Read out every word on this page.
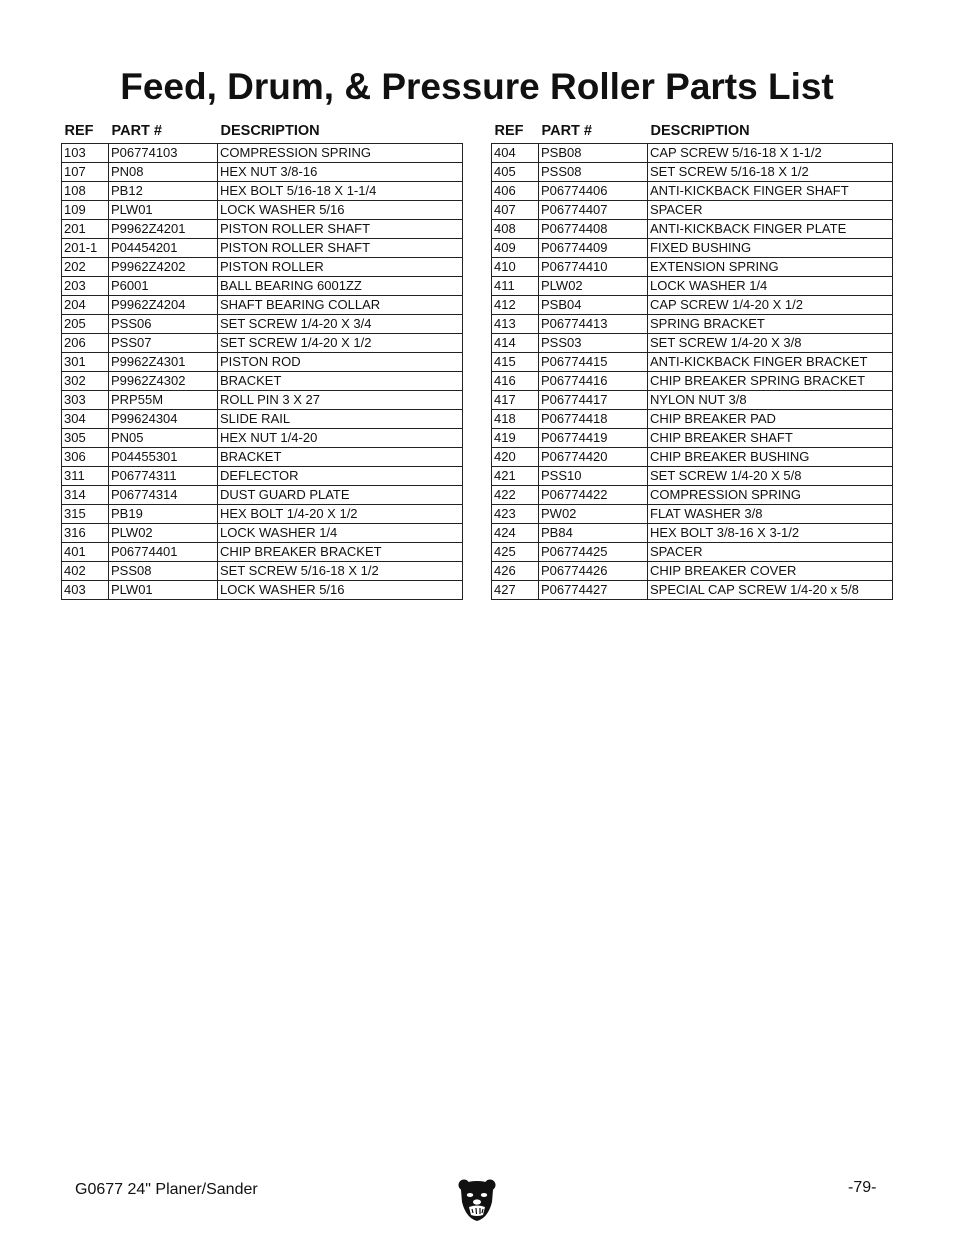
Feed, Drum, & Pressure Roller Parts List
REF	PART #	DESCRIPTION
103	P06774103	COMPRESSION SPRING
107	PN08	HEX NUT 3/8-16
108	PB12	HEX BOLT 5/16-18 X 1-1/4
109	PLW01	LOCK WASHER 5/16
201	P9962Z4201	PISTON ROLLER SHAFT
201-1	P04454201	PISTON ROLLER SHAFT
202	P9962Z4202	PISTON ROLLER
203	P6001	BALL BEARING 6001ZZ
204	P9962Z4204	SHAFT BEARING COLLAR
205	PSS06	SET SCREW 1/4-20 X 3/4
206	PSS07	SET SCREW 1/4-20 X 1/2
301	P9962Z4301	PISTON ROD
302	P9962Z4302	BRACKET
303	PRP55M	ROLL PIN 3 X 27
304	P99624304	SLIDE RAIL
305	PN05	HEX NUT 1/4-20
306	P04455301	BRACKET
311	P06774311	DEFLECTOR
314	P06774314	DUST GUARD PLATE
315	PB19	HEX BOLT 1/4-20 X 1/2
316	PLW02	LOCK WASHER 1/4
401	P06774401	CHIP BREAKER BRACKET
402	PSS08	SET SCREW 5/16-18 X 1/2
403	PLW01	LOCK WASHER 5/16
REF	PART #	DESCRIPTION
404	PSB08	CAP SCREW 5/16-18 X 1-1/2
405	PSS08	SET SCREW 5/16-18 X 1/2
406	P06774406	ANTI-KICKBACK FINGER SHAFT
407	P06774407	SPACER
408	P06774408	ANTI-KICKBACK FINGER PLATE
409	P06774409	FIXED BUSHING
410	P06774410	EXTENSION SPRING
411	PLW02	LOCK WASHER 1/4
412	PSB04	CAP SCREW 1/4-20 X 1/2
413	P06774413	SPRING BRACKET
414	PSS03	SET SCREW 1/4-20 X 3/8
415	P06774415	ANTI-KICKBACK FINGER BRACKET
416	P06774416	CHIP BREAKER SPRING BRACKET
417	P06774417	NYLON NUT 3/8
418	P06774418	CHIP BREAKER PAD
419	P06774419	CHIP BREAKER SHAFT
420	P06774420	CHIP BREAKER BUSHING
421	PSS10	SET SCREW 1/4-20 X 5/8
422	P06774422	COMPRESSION SPRING
423	PW02	FLAT WASHER 3/8
424	PB84	HEX BOLT 3/8-16 X 3-1/2
425	P06774425	SPACER
426	P06774426	CHIP BREAKER COVER
427	P06774427	SPECIAL CAP SCREW 1/4-20 x 5/8
G0677 24" Planer/Sander	-79-
